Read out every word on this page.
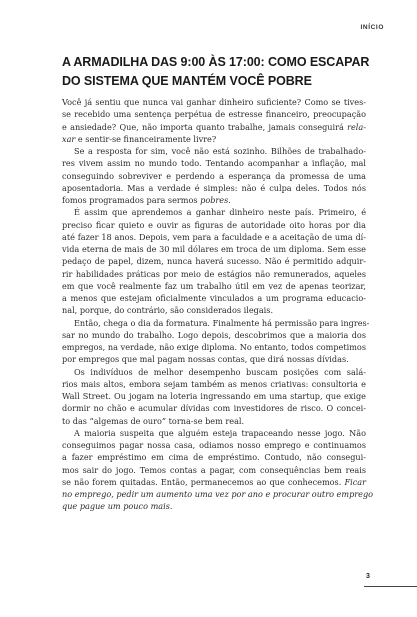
INÍCIO
A ARMADILHA DAS 9:00 ÀS 17:00: COMO ESCAPAR
DO SISTEMA QUE MANTÉM VOCÊ POBRE

Você já sentiu que nunca vai ganhar dinheiro suficiente? Como se tives-
se recebido uma sentença perpétua de estresse financeiro, preocupação
e ansiedade? Que, não importa quanto trabalhe, jamais conseguirá rela-
xar e sentir-se financeiramente livre?

Se a resposta for sim, você não está sozinho. Bilhões de trabalhado-
res vivem assim no mundo todo. Tentando acompanhar a inflação, mal
conseguindo sobreviver e perdendo a esperança da promessa de uma
aposentadoria. Mas a verdade é simples: não é culpa deles. Todos nós
fomos programados para sermos pobres.

É assim que aprendemos a ganhar dinheiro neste país. Primeiro, é
preciso ficar quieto e ouvir as figuras de autoridade oito horas por dia
até fazer 18 anos. Depois, vem para a faculdade e a aceitação de uma dí-
vida eterna de mais de 30 mil dólares em troca de um diploma. Sem esse
pedaço de papel, dizem, nunca haverá sucesso. Não é permitido adquir-
rir habilidades práticas por meio de estágios não remunerados, aqueles
em que você realmente faz um trabalho útil em vez de apenas teorizar,
a menos que estejam oficialmente vinculados a um programa educacio-
nal, porque, do contrário, são considerados ilegais.

Então, chega o dia da formatura. Finalmente há permissão para ingres-
sar no mundo do trabalho. Logo depois, descobrimos que a maioria dos
empregos, na verdade, não exige diploma. No entanto, todos competimos
por empregos que mal pagam nossas contas, que dirá nossas dívidas.

Os indivíduos de melhor desempenho buscam posições com salá-
rios mais altos, embora sejam também as menos criativas: consultoria e
Wall Street. Ou jogam na loteria ingressando em uma startup, que exige
dormir no chão e acumular dívidas com investidores de risco. O concei-
to das “algemas de ouro” torna-se bem real.

A maioria suspeita que alguém esteja trapaceando nesse jogo. Não
conseguimos pagar nossa casa, odiamos nosso emprego e continuamos
a fazer empréstimo em cima de empréstimo. Contudo, não consegui-
mos sair do jogo. Temos contas a pagar, com consequências bem reais
se não forem quitadas. Então, permanecemos ao que conhecemos. Ficar
no emprego, pedir um aumento uma vez por ano e procurar outro emprego
que pague um pouco mais.

3
